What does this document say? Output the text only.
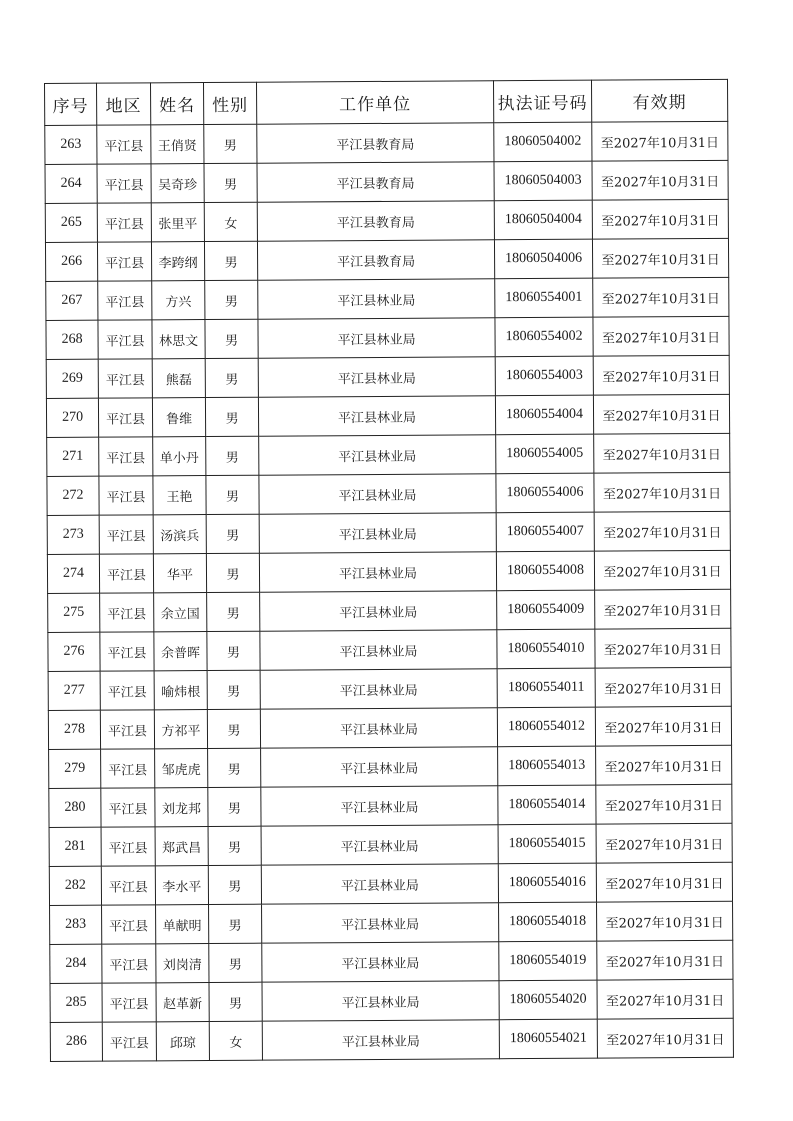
序号	地区	姓名	性别	工作单位	执法证号码	有效期
263	平江县	王俏贤	男	平江县教育局	18060504002	至2027年10月31日
264	平江县	吴奇珍	男	平江县教育局	18060504003	至2027年10月31日
265	平江县	张里平	女	平江县教育局	18060504004	至2027年10月31日
266	平江县	李跨纲	男	平江县教育局	18060504006	至2027年10月31日
267	平江县	方兴	男	平江县林业局	18060554001	至2027年10月31日
268	平江县	林思文	男	平江县林业局	18060554002	至2027年10月31日
269	平江县	熊磊	男	平江县林业局	18060554003	至2027年10月31日
270	平江县	鲁维	男	平江县林业局	18060554004	至2027年10月31日
271	平江县	单小丹	男	平江县林业局	18060554005	至2027年10月31日
272	平江县	王艳	男	平江县林业局	18060554006	至2027年10月31日
273	平江县	汤滨兵	男	平江县林业局	18060554007	至2027年10月31日
274	平江县	华平	男	平江县林业局	18060554008	至2027年10月31日
275	平江县	余立国	男	平江县林业局	18060554009	至2027年10月31日
276	平江县	余普晖	男	平江县林业局	18060554010	至2027年10月31日
277	平江县	喻炜根	男	平江县林业局	18060554011	至2027年10月31日
278	平江县	方祁平	男	平江县林业局	18060554012	至2027年10月31日
279	平江县	邹虎虎	男	平江县林业局	18060554013	至2027年10月31日
280	平江县	刘龙邦	男	平江县林业局	18060554014	至2027年10月31日
281	平江县	郑武昌	男	平江县林业局	18060554015	至2027年10月31日
282	平江县	李水平	男	平江县林业局	18060554016	至2027年10月31日
283	平江县	单献明	男	平江县林业局	18060554018	至2027年10月31日
284	平江县	刘岗清	男	平江县林业局	18060554019	至2027年10月31日
285	平江县	赵革新	男	平江县林业局	18060554020	至2027年10月31日
286	平江县	邱琼	女	平江县林业局	18060554021	至2027年10月31日
